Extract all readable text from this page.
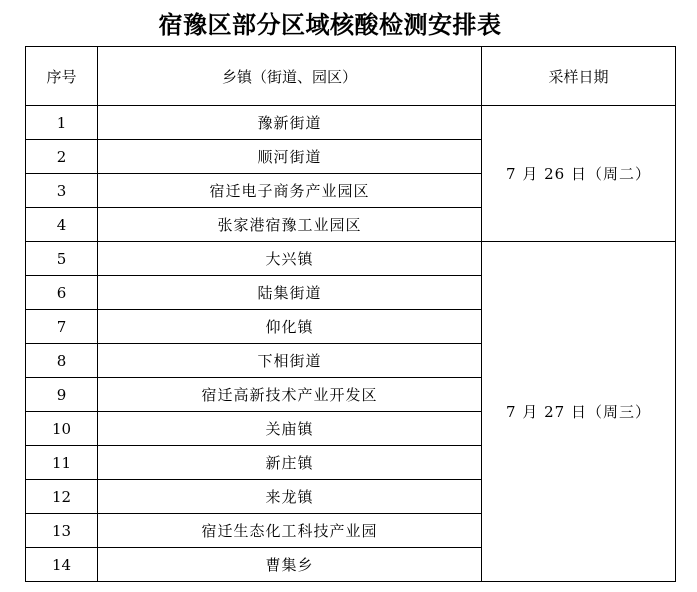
宿豫区部分区域核酸检测安排表
序号	乡镇（街道、园区）	采样日期
1	豫新街道	7 月 26 日（周二）
2	顺河街道	
3	宿迁电子商务产业园区	
4	张家港宿豫工业园区	
5	大兴镇	7 月 27 日（周三）
6	陆集街道	
7	仰化镇	
8	下相街道	
9	宿迁高新技术产业开发区	
10	关庙镇	
11	新庄镇	
12	来龙镇	
13	宿迁生态化工科技产业园	
14	曹集乡	
